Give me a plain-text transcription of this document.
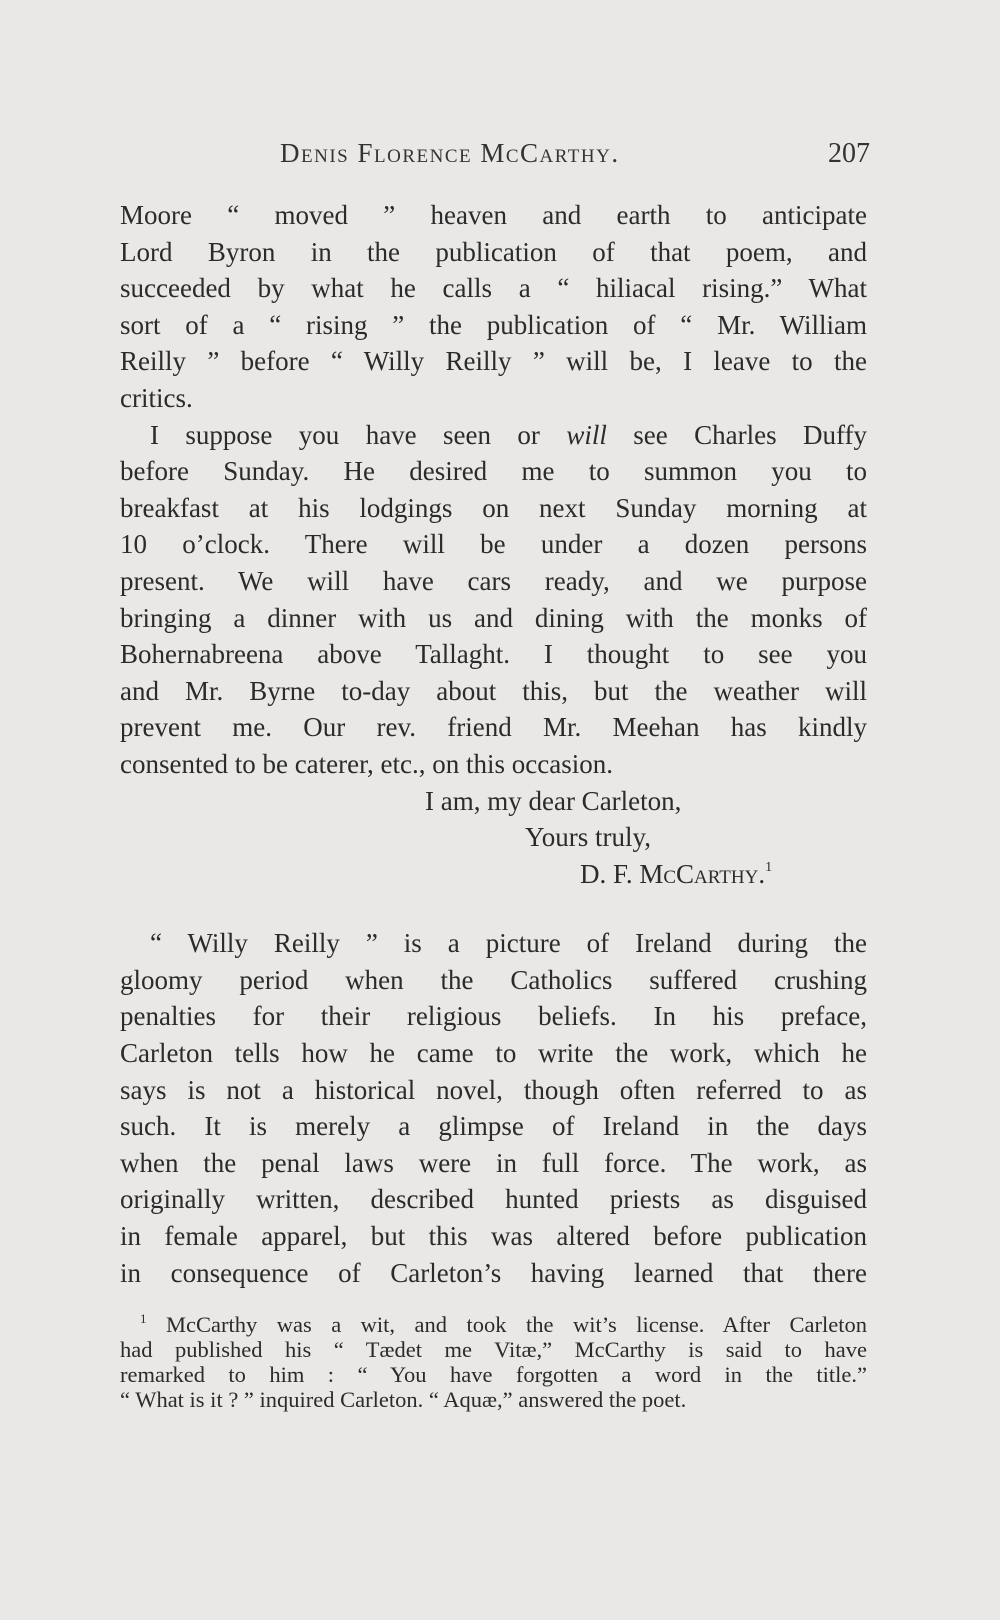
Denis Florence McCarthy.	207
Moore “ moved ” heaven and earth to anticipate
Lord Byron in the publication of that poem, and
succeeded by what he calls a “ hiliacal rising.” What
sort of a “ rising ” the publication of “ Mr. William
Reilly ” before “ Willy Reilly ” will be, I leave to the
critics.
I suppose you have seen or will see Charles Duffy
before Sunday. He desired me to summon you to
breakfast at his lodgings on next Sunday morning at
10 o’clock. There will be under a dozen persons
present. We will have cars ready, and we purpose
bringing a dinner with us and dining with the monks of
Bohernabreena above Tallaght. I thought to see you
and Mr. Byrne to-day about this, but the weather will
prevent me. Our rev. friend Mr. Meehan has kindly
consented to be caterer, etc., on this occasion.
I am, my dear Carleton,
Yours truly,
D. F. McCarthy.$^1$
“ Willy Reilly ” is a picture of Ireland during the
gloomy period when the Catholics suffered crushing
penalties for their religious beliefs. In his preface,
Carleton tells how he came to write the work, which he
says is not a historical novel, though often referred to as
such. It is merely a glimpse of Ireland in the days
when the penal laws were in full force. The work, as
originally written, described hunted priests as disguised
in female apparel, but this was altered before publication
in consequence of Carleton’s having learned that there
$^1$ McCarthy was a wit, and took the wit’s license. After Carleton
had published his “ Tædet me Vitæ,” McCarthy is said to have
remarked to him : “ You have forgotten a word in the title.”
“ What is it ? ” inquired Carleton. “ Aquæ,” answered the poet.
